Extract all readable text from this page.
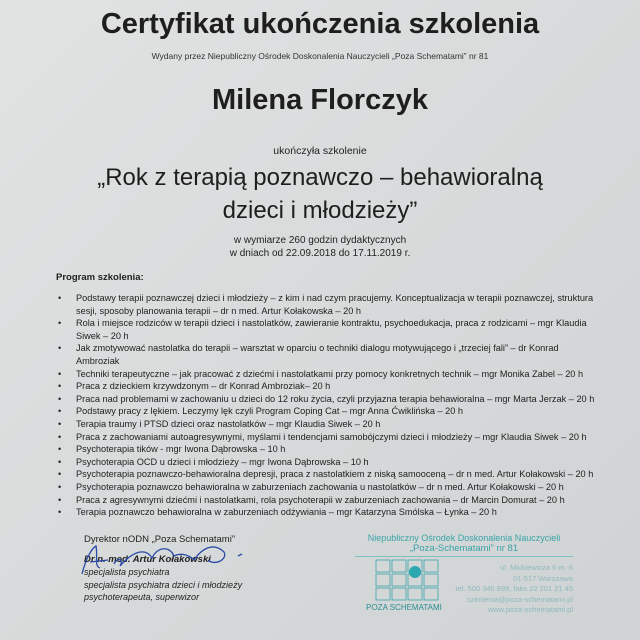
Certyfikat ukończenia szkolenia
Wydany przez Niepubliczny Ośrodek Doskonalenia Nauczycieli „Poza Schematami” nr 81
Milena Florczyk
ukończyła szkolenie
„Rok z terapią poznawczo – behawioralną
dzieci i młodzieży”
w wymiarze 260 godzin dydaktycznych
w dniach od 22.09.2018 do 17.11.2019 r.
Program szkolenia:
• Podstawy terapii poznawczej dzieci i młodzieży – z kim i nad czym pracujemy. Konceptualizacja w terapii poznawczej, struktura sesji, sposoby planowania terapii – dr n med. Artur Kołakowska – 20 h
• Rola i miejsce rodziców w terapii dzieci i nastolatków, zawieranie kontraktu, psychoedukacja, praca z rodzicami – mgr Klaudia Siwek – 20 h
• Jak zmotywować nastolatka do terapii – warsztat w oparciu o techniki dialogu motywującego i „trzeciej fali” – dr Konrad Ambroziak
• Techniki terapeutyczne – jak pracować z dziećmi i nastolatkami przy pomocy konkretnych technik – mgr Monika Zabel – 20 h
• Praca z dzieckiem krzywdzonym – dr Konrad Ambroziak– 20 h
• Praca nad problemami w zachowaniu u dzieci do 12 roku życia, czyli przyjazna terapia behawioralna – mgr Marta Jerzak – 20 h
• Podstawy pracy z lękiem. Leczymy lęk czyli Program Coping Cat – mgr Anna Ćwiklińska – 20 h
• Terapia traumy i PTSD dzieci oraz nastolatków – mgr Klaudia Siwek – 20 h
• Praca z zachowaniami autoagresywnymi, myślami i tendencjami samobójczymi dzieci i młodzieży – mgr Klaudia Siwek – 20 h
• Psychoterapia tików - mgr Iwona Dąbrowska – 10 h
• Psychoterapia OCD u dzieci i młodzieży – mgr Iwona Dąbrowska – 10 h
• Psychoterapia poznawczo-behawioralna depresji, praca z nastolatkiem z niską samooceną – dr n med. Artur Kołakowski – 20 h
• Psychoterapia poznawczo behawioralna w zaburzeniach zachowania u nastolatków – dr n med. Artur Kołakowski – 20 h
• Praca z agresywnymi dziećmi i nastolatkami, rola psychoterapii w zaburzeniach zachowania – dr Marcin Domurat – 20 h
• Terapia poznawczo behawioralna w zaburzeniach odżywiania – mgr Katarzyna Smólska – Łynka – 20 h
Dyrektor nODN „Poza Schematami”
Dr n. med. Artur Kołakowski
specjalista psychiatra
specjalista psychiatra dzieci i młodzieży
psychoterapeuta, superwizor
Niepubliczny Ośrodek Doskonalenia Nauczycieli
„Poza-Schematami” nr 81
POZA SCHEMATAMI
ul. Mickiewicza 6 m. 6
01-517 Warszawa
tel. 500 340 899, faks 22 201 21 45
szkolenia@poza-schematami.pl
www.poza-schematami.pl
